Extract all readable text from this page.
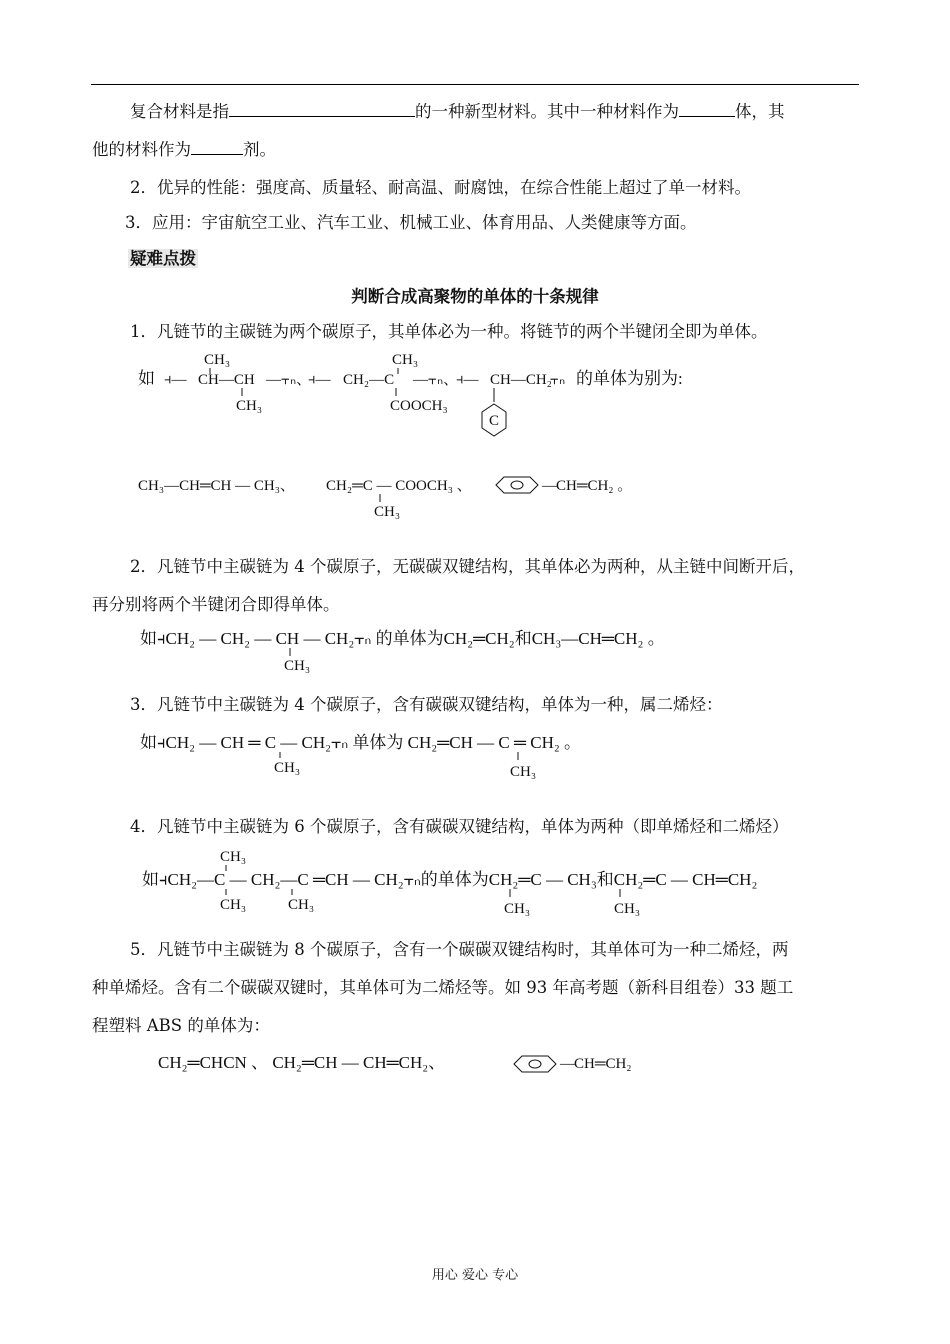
复合材料是指	的一种新型材料。其中一种材料作为	体，其
他的材料作为	剂。
2．优异的性能：强度高、质量轻、耐高温、耐腐蚀，在综合性能上超过了单一材料。
3．应用：宇宙航空工业、汽车工业、机械工业、体育用品、人类健康等方面。
疑难点拨
判断合成高聚物的单体的十条规律
1．凡链节的主碳链为两个碳原子，其单体必为一种。将链节的两个半键闭全即为单体。
如 ⫞— CH—CH
CH₃
CH₃
—⫟ₙ、
⫞— CH₂—C
CH₃
COOCH₃
—⫟ₙ、
⫞— CH—CH₂
C
⫟ₙ 的单体为别为:
CH₃—CH═CH — CH₃、 CH₂═C — COOCH₃ 、
CH₃
— CH═CH₂ 。
2．凡链节中主碳链为 4 个碳原子，无碳碳双键结构，其单体必为两种，从主链中间断开后，
再分别将两个半键闭合即得单体。
如⫞CH₂ — CH₂ — CH — CH₂⫟ₙ 的单体为CH₂═CH₂和CH₃—CH═CH₂ 。
CH₃
3．凡链节中主碳链为 4 个碳原子，含有碳碳双键结构，单体为一种，属二烯烃：
如⫞CH₂ — CH ═ C — CH₂⫟ₙ 单体为 CH₂═CH — C ═ CH₂ 。
CH₃	CH₃
4．凡链节中主碳链为 6 个碳原子，含有碳碳双键结构，单体为两种（即单烯烃和二烯烃）
CH₃
如⫞CH₂—C — CH₂—C ═CH — CH₂⫟ₙ的单体为CH₂═C — CH₃和CH₂═C — CH═CH₂
CH₃	CH₃	CH₃	CH₃
5．凡链节中主碳链为 8 个碳原子，含有一个碳碳双键结构时，其单体可为一种二烯烃，两
种单烯烃。含有二个碳碳双键时，其单体可为二烯烃等。如 93 年高考题（新科目组卷）33 题工
程塑料 ABS 的单体为：
CH₂═CHCN 、 CH₂═CH — CH═CH₂、	— CH═CH₂
用心 爱心 专心
